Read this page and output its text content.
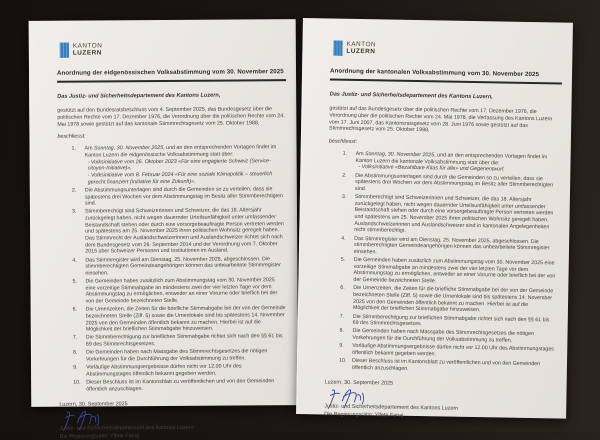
KANTON
LUZERN
Anordnung der eidgenössischen Volksabstimmung vom 30. November 2025
Das Justiz- und Sicherheitsdepartement des Kantons Luzern,

gestützt auf den Bundesratsbeschluss vom 4. September 2025, das Bundesgesetz über die politischen Rechte vom 17. Dezember 1976, die Verordnung über die politischen Rechte vom 24. Mai 1978 sowie gestützt auf das kantonale Stimmrechtsgesetz vom 25. Oktober 1988,

beschliesst:
1.	Am Sonntag, 30. November 2025, und an den entsprechenden Vortagen findet im Kanton Luzern die eidgenössische Volksabstimmung statt über:
- Volksinitiative vom 26. Oktober 2023 «Für eine engagierte Schweiz (Service-citoyen-Initiative)»,
- Volksinitiative vom 8. Februar 2024 «Für eine soziale Klimapolitik – steuerlich gerecht finanziert (Initiative für eine Zukunft)».
2.	Die Abstimmungsunterlagen sind durch die Gemeinden so zu verteilen, dass sie spätestens drei Wochen vor dem Abstimmungstag im Besitz aller Stimmberechtigten sind.
3.	Stimmberechtigt sind Schweizerinnen und Schweizer, die das 18. Altersjahr zurückgelegt haben, nicht wegen dauernder Urteilsunfähigkeit unter umfassender Beistandschaft stehen oder durch eine vorsorgebeauftragte Person vertreten werden und spätestens am 25. November 2025 ihren politischen Wohnsitz geregelt haben. Das Stimmrecht der Auslandschweizerinnen und Auslandschweizer richtet sich nach dem Bundesgesetz vom 26. September 2014 und der Verordnung vom 7. Oktober 2015 über Schweizer Personen und Institutionen im Ausland.
4.	Das Stimmregister wird am Dienstag, 25. November 2025, abgeschlossen. Die stimmberechtigten Gemeindeangehörigen können das unbearbeitete Stimmregister einsehen.
5.	Die Gemeinden haben zusätzlich zum Abstimmungstag vom 30. November 2025 eine vorzeitige Stimmabgabe an mindestens zwei der vier letzten Tage vor dem Abstimmungstag zu ermöglichen, entweder an einer Vorurne oder brieflich bei der von der Gemeinde bezeichneten Stelle.
6.	Die Urnenzeiten, die Zeiten für die briefliche Stimmabgabe bei der von der Gemeinde bezeichneten Stelle (Ziff. 5) sowie die Urnenlokale sind bis spätestens 14. November 2025 von den Gemeinden öffentlich bekannt zu machen. Hierbei ist auf die Möglichkeit der brieflichen Stimmabgabe hinzuweisen.
7.	Die Stimmberechtigung zur brieflichen Stimmabgabe richtet sich nach den §§ 61 bis 69 des Stimmrechtsgesetzes.
8.	Die Gemeinden haben nach Massgabe des Stimmrechtsgesetzes die nötigen Vorkehrungen für die Durchführung der Volksabstimmung zu treffen.
9.	Vorläufige Abstimmungsergebnisse dürfen nicht vor 12.00 Uhr des Abstimmungstages öffentlich bekannt gegeben werden.
10.	Dieser Beschluss ist im Kantonsblatt zu veröffentlichen und von den Gemeinden öffentlich anzuschlagen.
Luzern, 30. September 2025
Justiz- und Sicherheitsdepartement des Kantons Luzern
Die Regierungsrätin: Ylfete Fanaj
KANTON
LUZERN
Anordnung der kantonalen Volksabstimmung vom 30. November 2025
Das Justiz- und Sicherheitsdepartement des Kantons Luzern,

gestützt auf das Bundesgesetz über die politischen Rechte vom 17. Dezember 1976, die Verordnung über die politischen Rechte vom 24. Mai 1978, die Verfassung des Kantons Luzern vom 17. Juni 2007, das Kantonsratsgesetz vom 28. Juni 1976 sowie gestützt auf das Stimmrechtsgesetz vom 25. Oktober 1988,

beschliesst:
1.	Am Sonntag, 30. November 2025, und an den entsprechenden Vortagen findet im Kanton Luzern die kantonale Volksabstimmung statt über die:
- Volksinitiative «Bezahlbare Kitas für alle» und Gegenentwurf.
2.	Die Abstimmungsunterlagen sind durch die Gemeinden so zu verteilen, dass sie spätestens drei Wochen vor dem Abstimmungstag im Besitz aller Stimmberechtigten sind.
3.	Stimmberechtigt sind Schweizerinnen und Schweizer, die das 18. Altersjahr zurückgelegt haben, nicht wegen dauernder Urteilsunfähigkeit unter umfassender Beistandschaft stehen oder durch eine vorsorgebeauftragte Person vertreten werden und spätestens am 25. November 2025 ihren politischen Wohnsitz geregelt haben. Auslandschweizerinnen und Auslandschweizer sind in kantonalen Angelegenheiten nicht stimmberechtigt.
4.	Das Stimmregister wird am Dienstag, 25. November 2025, abgeschlossen. Die stimmberechtigten Gemeindeangehörigen können das unbearbeitete Stimmregister einsehen.
5.	Die Gemeinden haben zusätzlich zum Abstimmungstag vom 30. November 2025 eine vorzeitige Stimmabgabe an mindestens zwei der vier letzten Tage vor dem Abstimmungstag zu ermöglichen, entweder an einer Vorurne oder brieflich bei der von der Gemeinde bezeichneten Stelle.
6.	Die Urnenzeiten, die Zeiten für die briefliche Stimmabgabe bei der von der Gemeinde bezeichneten Stelle (Ziff. 5) sowie die Urnenlokale sind bis spätestens 14. November 2025 von den Gemeinden öffentlich bekannt zu machen. Hierbei ist auf die Möglichkeit der brieflichen Stimmabgabe hinzuweisen.
7.	Die Stimmberechtigung zur brieflichen Stimmabgabe richtet sich nach den §§ 61 bis 69 des Stimmrechtsgesetzes.
8.	Die Gemeinden haben nach Massgabe des Stimmrechtsgesetzes die nötigen Vorkehrungen für die Durchführung der Volksabstimmung zu treffen.
9.	Vorläufige Abstimmungsergebnisse dürfen nicht vor 12.00 Uhr des Abstimmungstages öffentlich bekannt gegeben werden.
10.	Dieser Beschluss ist im Kantonsblatt zu veröffentlichen und von den Gemeinden öffentlich anzuschlagen.
Luzern, 30. September 2025
Justiz- und Sicherheitsdepartement des Kantons Luzern
Die Regierungsrätin: Ylfete Fanaj
